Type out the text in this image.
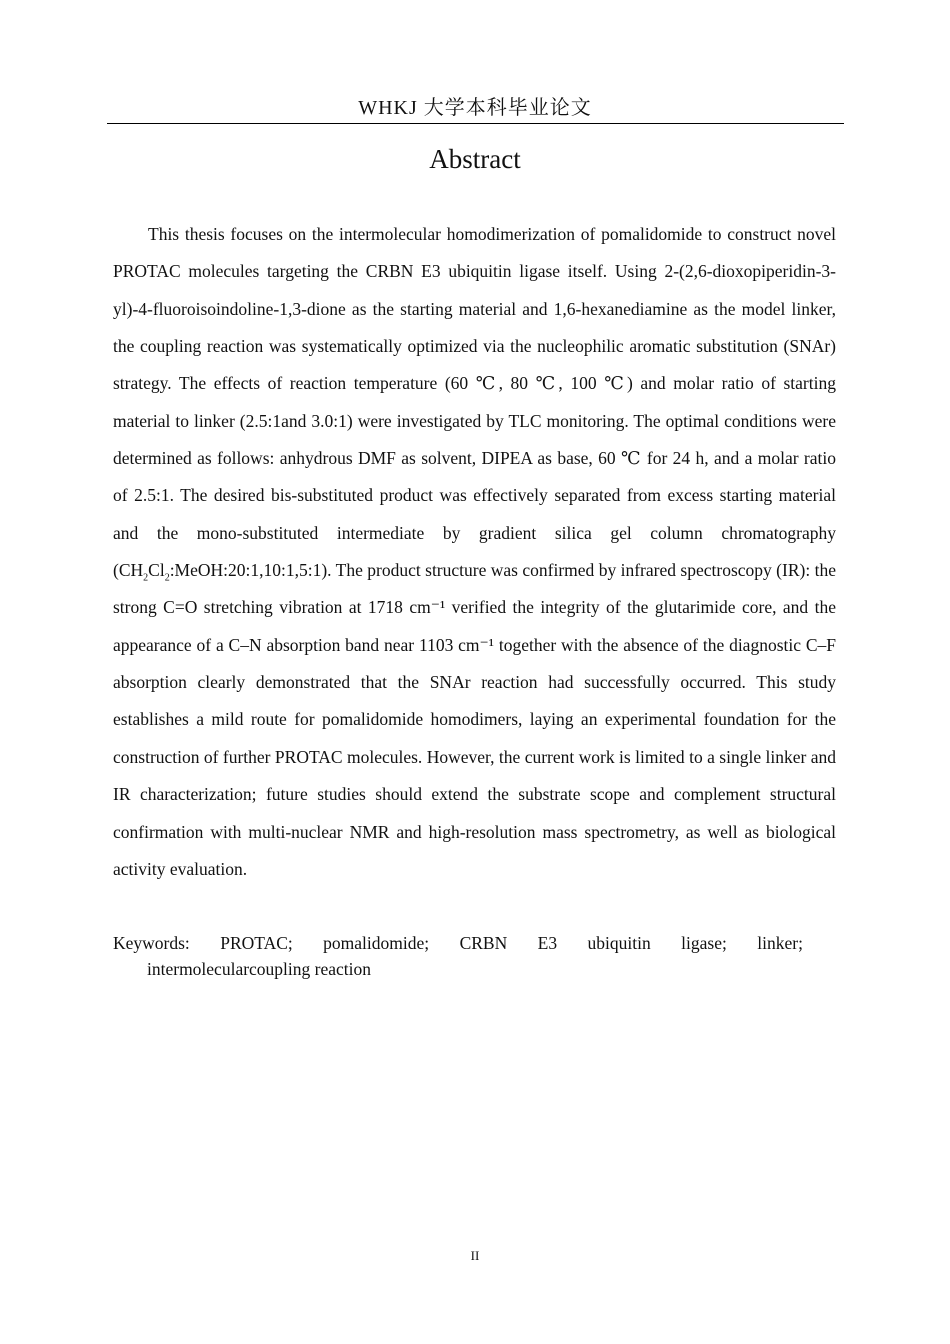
WHKJ 大学本科毕业论文
Abstract

This thesis focuses on the intermolecular homodimerization of pomalidomide to construct novel PROTAC molecules targeting the CRBN E3 ubiquitin ligase itself. Using 2-(2,6-dioxopiperidin-3-yl)-4-fluoroisoindoline-1,3-dione as the starting material and 1,6-hexanediamine as the model linker, the coupling reaction was systematically optimized via the nucleophilic aromatic substitution (SNAr) strategy. The effects of reaction temperature (60 ℃, 80 ℃, 100 ℃) and molar ratio of starting material to linker (2.5:1and 3.0:1) were investigated by TLC monitoring. The optimal conditions were determined as follows: anhydrous DMF as solvent, DIPEA as base, 60 ℃ for 24 h, and a molar ratio of 2.5:1. The desired bis-substituted product was effectively separated from excess starting material and the mono-substituted intermediate by gradient silica gel column chromatography $(CH_2Cl_2:MeOH:20:1,10:1,5:1)$. The product structure was confirmed by infrared spectroscopy (IR): the strong C=O stretching vibration at 1718 cm⁻¹ verified the integrity of the glutarimide core, and the appearance of a C–N absorption band near 1103 cm⁻¹ together with the absence of the diagnostic C–F absorption clearly demonstrated that the SNAr reaction had successfully occurred. This study establishes a mild route for pomalidomide homodimers, laying an experimental foundation for the construction of further PROTAC molecules. However, the current work is limited to a single linker and IR characterization; future studies should extend the substrate scope and complement structural confirmation with multi-nuclear NMR and high-resolution mass spectrometry, as well as biological activity evaluation.

Keywords: PROTAC; pomalidomide; CRBN E3 ubiquitin ligase; linker;
intermolecularcoupling reaction
II
